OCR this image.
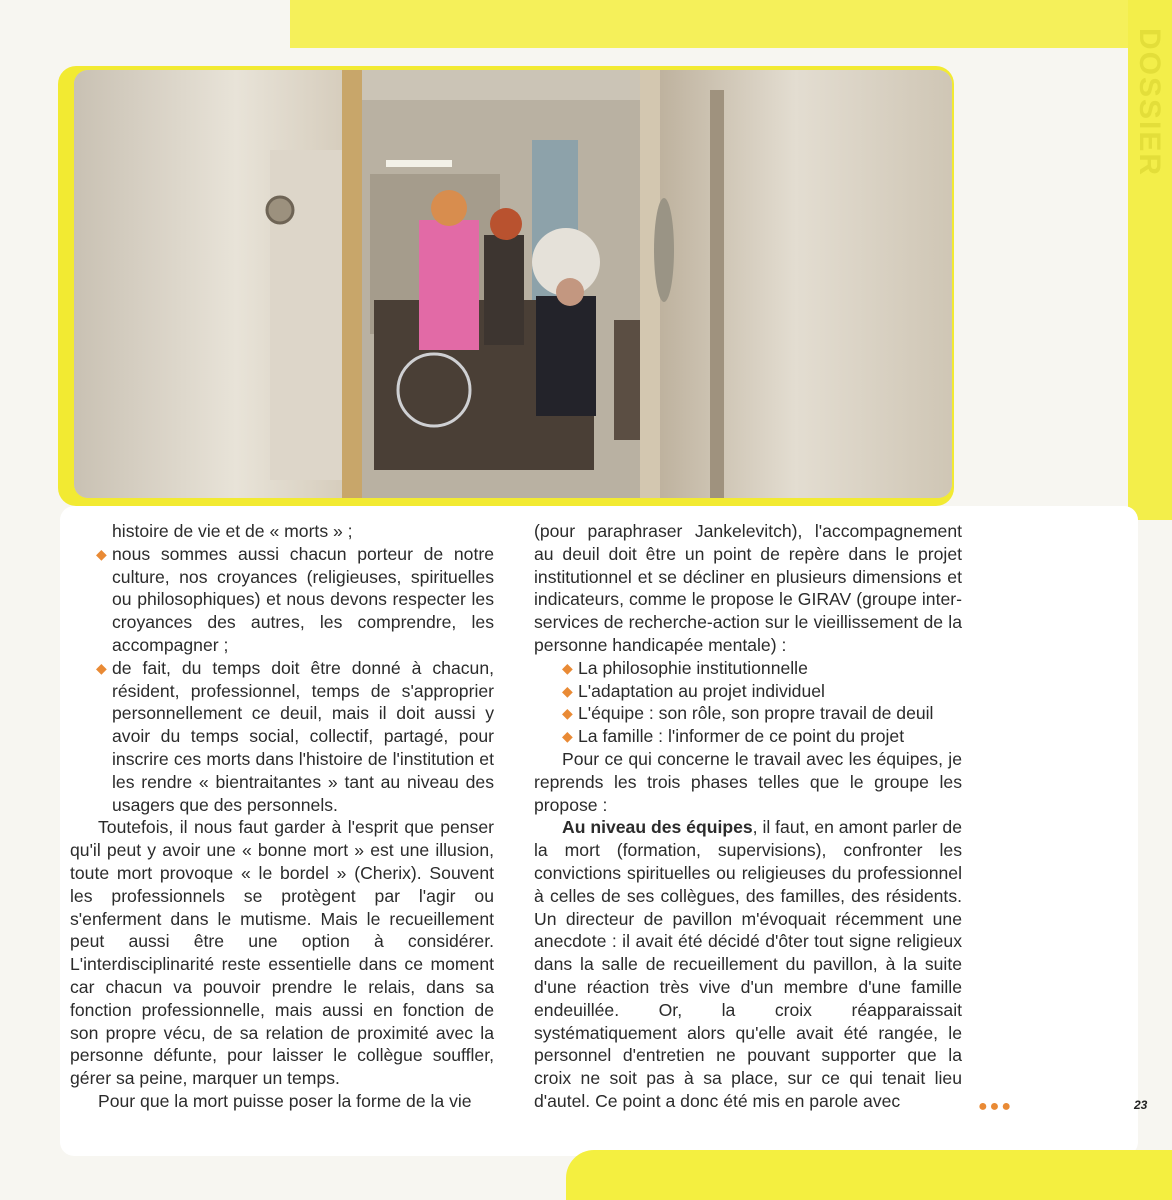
DOSSIER

histoire de vie et de « morts » ;

◆ nous sommes aussi chacun porteur de notre culture, nos croyances (religieuses, spirituelles ou philosophiques) et nous devons respecter les croyances des autres, les comprendre, les accompagner ;

◆ de fait, du temps doit être donné à chacun, résident, professionnel, temps de s'approprier personnellement ce deuil, mais il doit aussi y avoir du temps social, collectif, partagé, pour inscrire ces morts dans l'histoire de l'institution et les rendre « bientraitantes » tant au niveau des usagers que des personnels.

Toutefois, il nous faut garder à l'esprit que penser qu'il peut y avoir une « bonne mort » est une illusion, toute mort provoque « le bordel » (Cherix). Souvent les professionnels se protègent par l'agir ou s'enferment dans le mutisme. Mais le recueillement peut aussi être une option à considérer. L'interdisciplinarité reste essentielle dans ce moment car chacun va pouvoir prendre le relais, dans sa fonction professionnelle, mais aussi en fonction de son propre vécu, de sa relation de proximité avec la personne défunte, pour laisser le collègue souffler, gérer sa peine, marquer un temps.

Pour que la mort puisse poser la forme de la vie

(pour paraphraser Jankelevitch), l'accompagnement au deuil doit être un point de repère dans le projet institutionnel et se décliner en plusieurs dimensions et indicateurs, comme le propose le GIRAV (groupe inter-services de recherche-action sur le vieillissement de la personne handicapée mentale) :

◆ La philosophie institutionnelle

◆ L'adaptation au projet individuel

◆ L'équipe : son rôle, son propre travail de deuil

◆ La famille : l'informer de ce point du projet

Pour ce qui concerne le travail avec les équipes, je reprends les trois phases telles que le groupe les propose :

Au niveau des équipes, il faut, en amont parler de la mort (formation, supervisions), confronter les convictions spirituelles ou religieuses du professionnel à celles de ses collègues, des familles, des résidents. Un directeur de pavillon m'évoquait récemment une anecdote : il avait été décidé d'ôter tout signe religieux dans la salle de recueillement du pavillon, à la suite d'une réaction très vive d'un membre d'une famille endeuillée. Or, la croix réapparaissait systématiquement alors qu'elle avait été rangée, le personnel d'entretien ne pouvant supporter que la croix ne soit pas à sa place, sur ce qui tenait lieu d'autel. Ce point a donc été mis en parole avec	●●●	23
